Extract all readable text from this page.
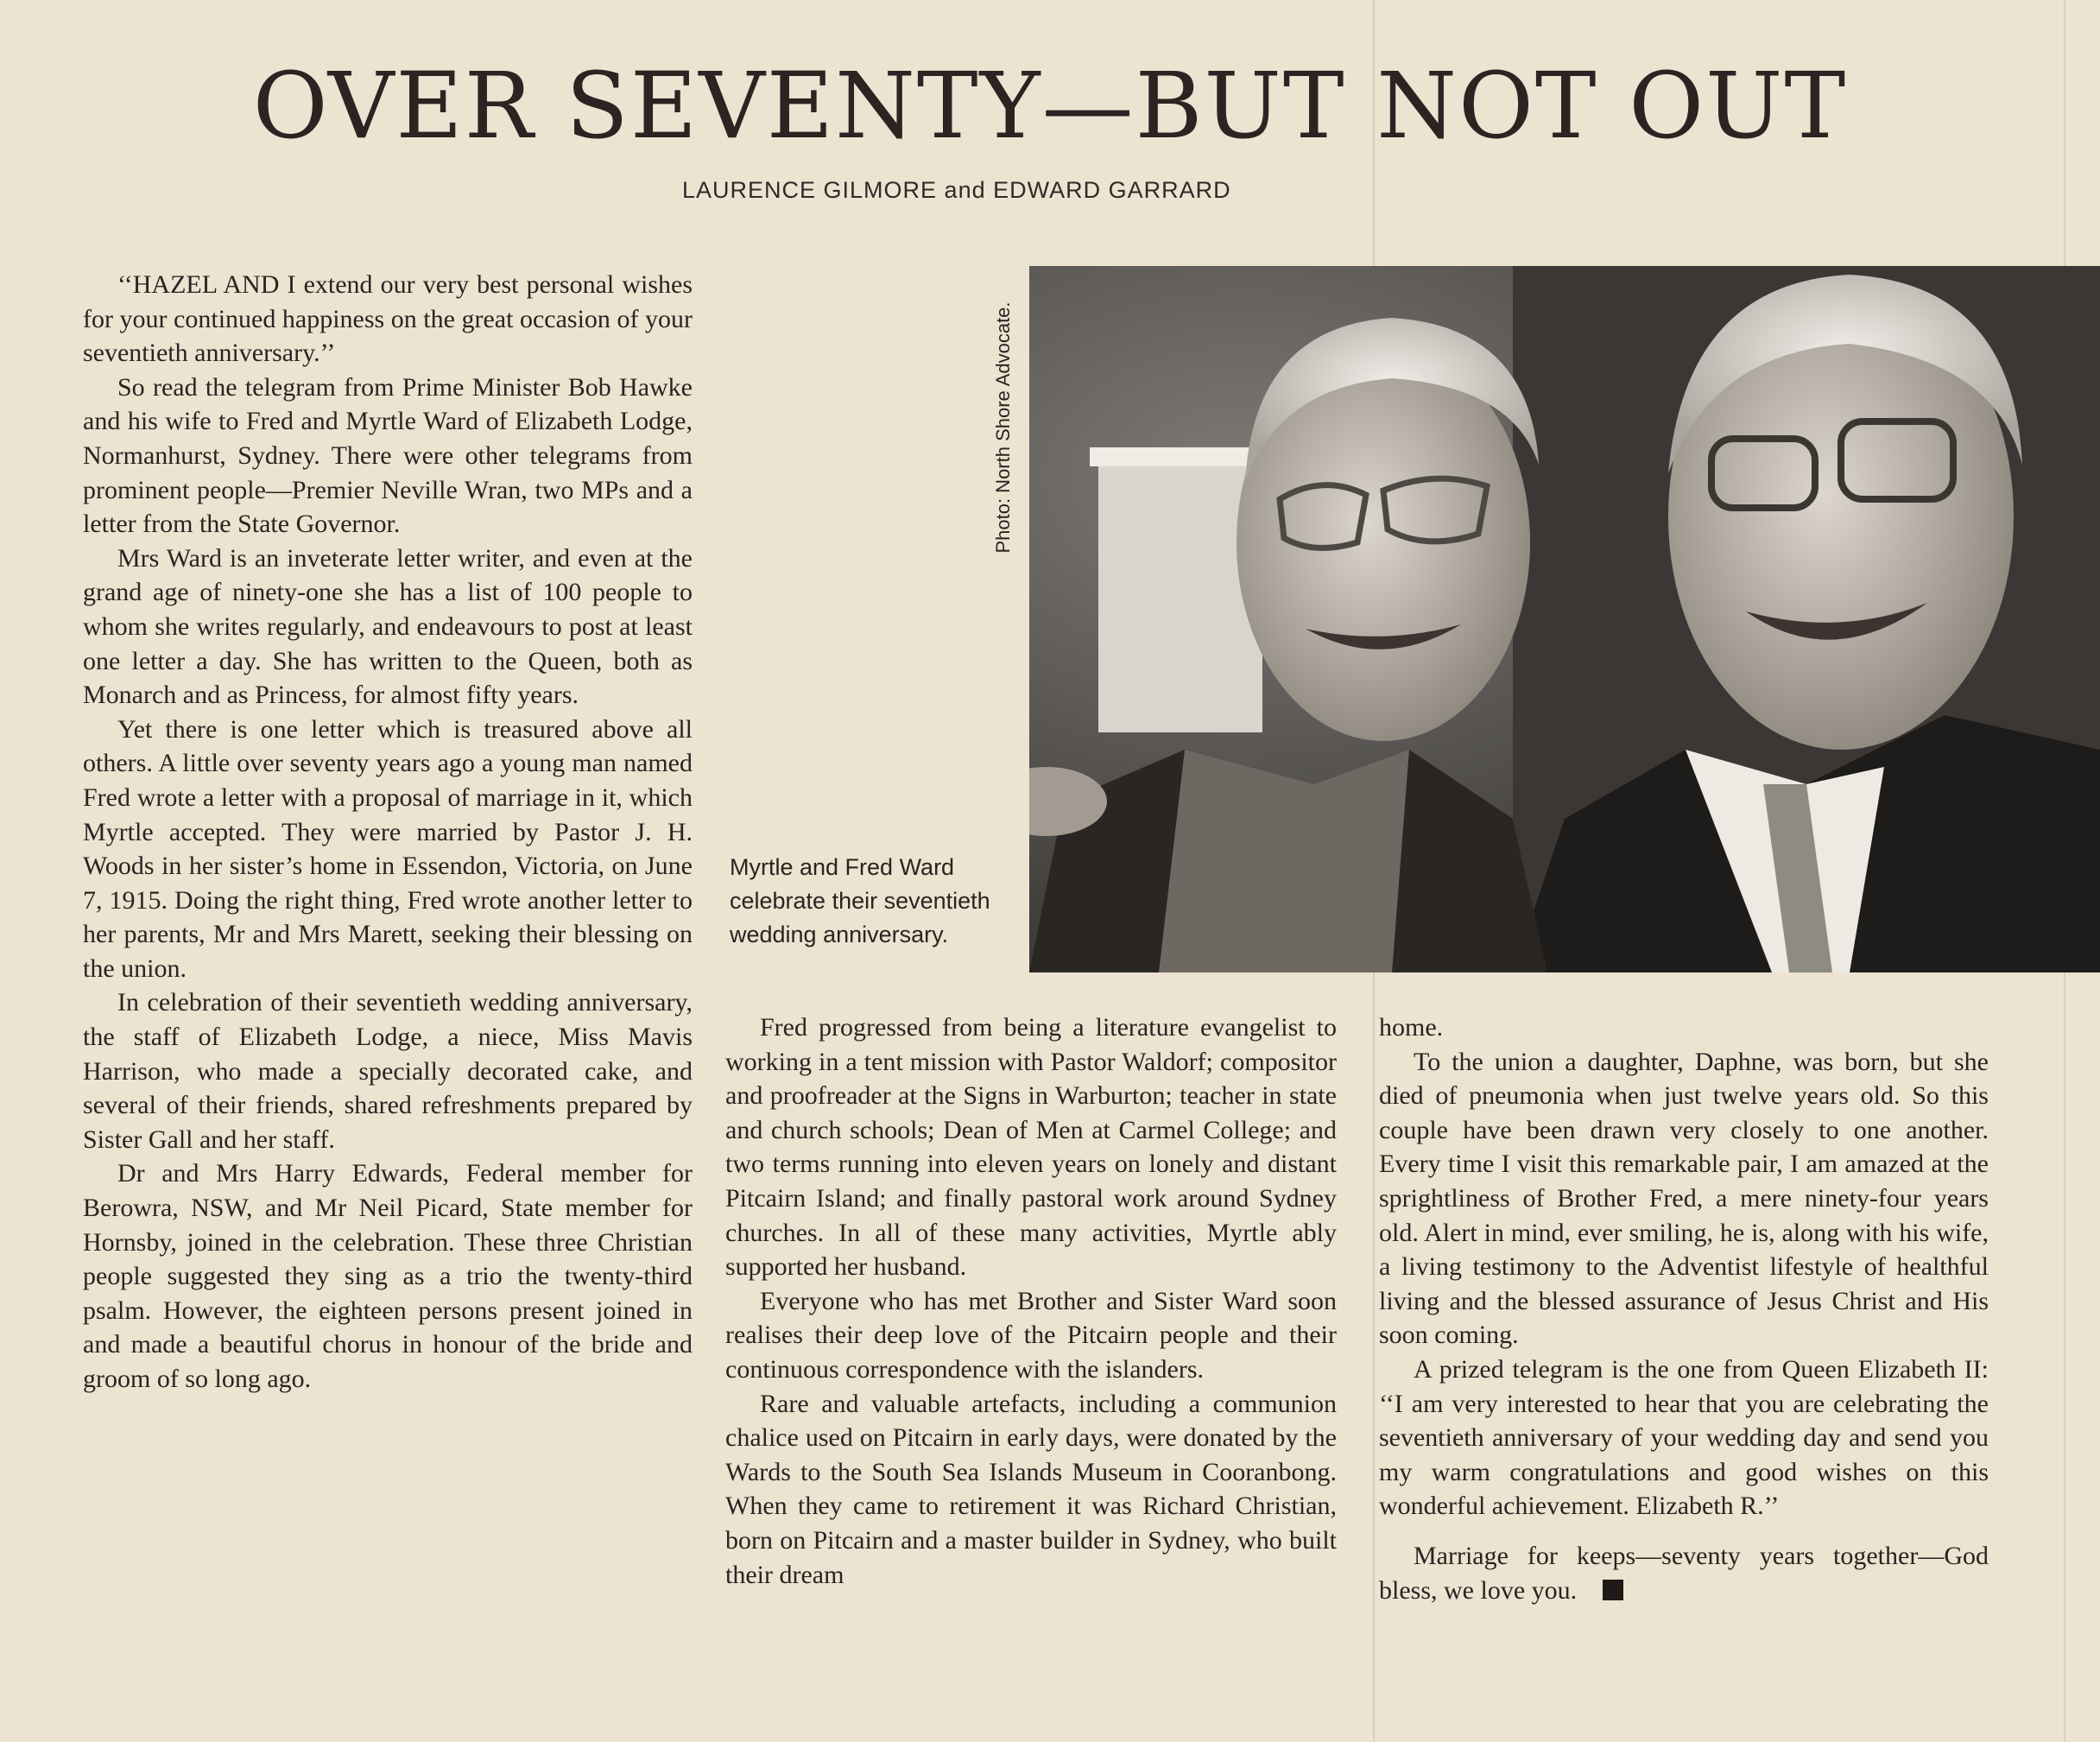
OVER SEVENTY—BUT NOT OUT
LAURENCE GILMORE and EDWARD GARRARD

‘‘HAZEL AND I extend our very best personal wishes for your continued happiness on the great occasion of your seventieth anniversary.’’

So read the telegram from Prime Minister Bob Hawke and his wife to Fred and Myrtle Ward of Elizabeth Lodge, Normanhurst, Sydney. There were other telegrams from prominent people—Premier Neville Wran, two MPs and a letter from the State Governor.

Mrs Ward is an inveterate letter writer, and even at the grand age of ninety-one she has a list of 100 people to whom she writes regularly, and endeavours to post at least one letter a day. She has written to the Queen, both as Monarch and as Princess, for almost fifty years.

Yet there is one letter which is treasured above all others. A little over seventy years ago a young man named Fred wrote a letter with a proposal of marriage in it, which Myrtle accepted. They were married by Pastor J. H. Woods in her sister’s home in Essendon, Victoria, on June 7, 1915. Doing the right thing, Fred wrote another letter to her parents, Mr and Mrs Marett, seeking their blessing on the union.

In celebration of their seventieth wedding anniversary, the staff of Elizabeth Lodge, a niece, Miss Mavis Harrison, who made a specially decorated cake, and several of their friends, shared refreshments prepared by Sister Gall and her staff.

Dr and Mrs Harry Edwards, Federal member for Berowra, NSW, and Mr Neil Picard, State member for Hornsby, joined in the celebration. These three Christian people suggested they sing as a trio the twenty-third psalm. However, the eighteen persons present joined in and made a beautiful chorus in honour of the bride and groom of so long ago.

Photo: North Shore Advocate.
Myrtle and Fred Ward celebrate their seventieth wedding anniversary.

Fred progressed from being a literature evangelist to working in a tent mission with Pastor Waldorf; compositor and proofreader at the Signs in Warburton; teacher in state and church schools; Dean of Men at Carmel College; and two terms running into eleven years on lonely and distant Pitcairn Island; and finally pastoral work around Sydney churches. In all of these many activities, Myrtle ably supported her husband.

Everyone who has met Brother and Sister Ward soon realises their deep love of the Pitcairn people and their continuous correspondence with the islanders.

Rare and valuable artefacts, including a communion chalice used on Pitcairn in early days, were donated by the Wards to the South Sea Islands Museum in Cooranbong. When they came to retirement it was Richard Christian, born on Pitcairn and a master builder in Sydney, who built their dream

home.

To the union a daughter, Daphne, was born, but she died of pneumonia when just twelve years old. So this couple have been drawn very closely to one another. Every time I visit this remarkable pair, I am amazed at the sprightliness of Brother Fred, a mere ninety-four years old. Alert in mind, ever smiling, he is, along with his wife, a living testimony to the Adventist lifestyle of healthful living and the blessed assurance of Jesus Christ and His soon coming.

A prized telegram is the one from Queen Elizabeth II: ‘‘I am very interested to hear that you are celebrating the seventieth anniversary of your wedding day and send you my warm congratulations and good wishes on this wonderful achievement. Elizabeth R.’’

Marriage for keeps—seventy years together—God bless, we love you.
